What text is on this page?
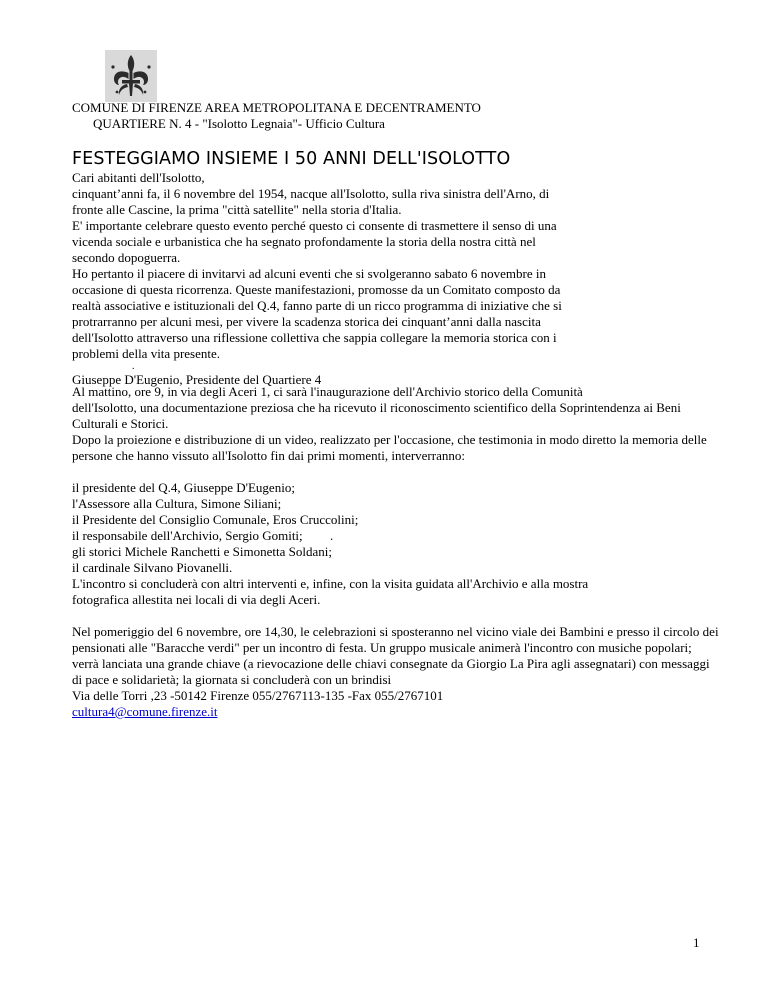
COMUNE DI FIRENZE AREA METROPOLITANA E DECENTRAMENTO
QUARTIERE N. 4 - "Isolotto Legnaia"- Ufficio Cultura
FESTEGGIAMO INSIEME I 50 ANNI DELL'ISOLOTTO
Cari abitanti dell'Isolotto,
cinquant’anni fa, il 6 novembre del 1954, nacque all'Isolotto, sulla riva sinistra dell'Arno, di
fronte alle Cascine, la prima "città satellite" nella storia d'Italia.
E' importante celebrare questo evento perché questo ci consente di trasmettere il senso di una
vicenda sociale e urbanistica che ha segnato profondamente la storia della nostra città nel
secondo dopoguerra.
Ho pertanto il piacere di invitarvi ad alcuni eventi che si svolgeranno sabato 6 novembre in
occasione di questa ricorrenza. Queste manifestazioni, promosse da un Comitato composto da
realtà associative e istituzionali del Q.4, fanno parte di un ricco programma di iniziative che si
protrarranno per alcuni mesi, per vivere la scadenza storica dei cinquant’anni dalla nascita
dell'Isolotto attraverso una riflessione collettiva che sappia collegare la memoria storica con i
problemi della vita presente.
.
Giuseppe D'Eugenio, Presidente del Quartiere 4
Al mattino, ore 9, in via degli Aceri 1, ci sarà l'inaugurazione dell'Archivio storico della Comunità
dell'Isolotto, una documentazione preziosa che ha ricevuto il riconoscimento scientifico della Soprintendenza ai Beni
Culturali e Storici.
Dopo la proiezione e distribuzione di un video, realizzato per l'occasione, che testimonia in modo diretto la memoria delle
persone che hanno vissuto all'Isolotto fin dai primi momenti, interverranno:
il presidente del Q.4, Giuseppe D'Eugenio;
l'Assessore alla Cultura, Simone Siliani;
il Presidente del Consiglio Comunale, Eros Cruccolini;
il responsabile dell'Archivio, Sergio Gomiti; .
gli storici Michele Ranchetti e Simonetta Soldani;
il cardinale Silvano Piovanelli.
L'incontro si concluderà con altri interventi e, infine, con la visita guidata all'Archivio e alla mostra
fotografica allestita nei locali di via degli Aceri.
Nel pomeriggio del 6 novembre, ore 14,30, le celebrazioni si sposteranno nel vicino viale dei Bambini e presso il circolo dei
pensionati alle "Baracche verdi" per un incontro di festa. Un gruppo musicale animerà l'incontro con musiche popolari;
verrà lanciata una grande chiave (a rievocazione delle chiavi consegnate da Giorgio La Pira agli assegnatari) con messaggi
di pace e solidarietà; la giornata si concluderà con un brindisi
Via delle Torri ,23 -50142 Firenze 055/2767113-135 -Fax 055/2767101
cultura4@comune.firenze.it
1
